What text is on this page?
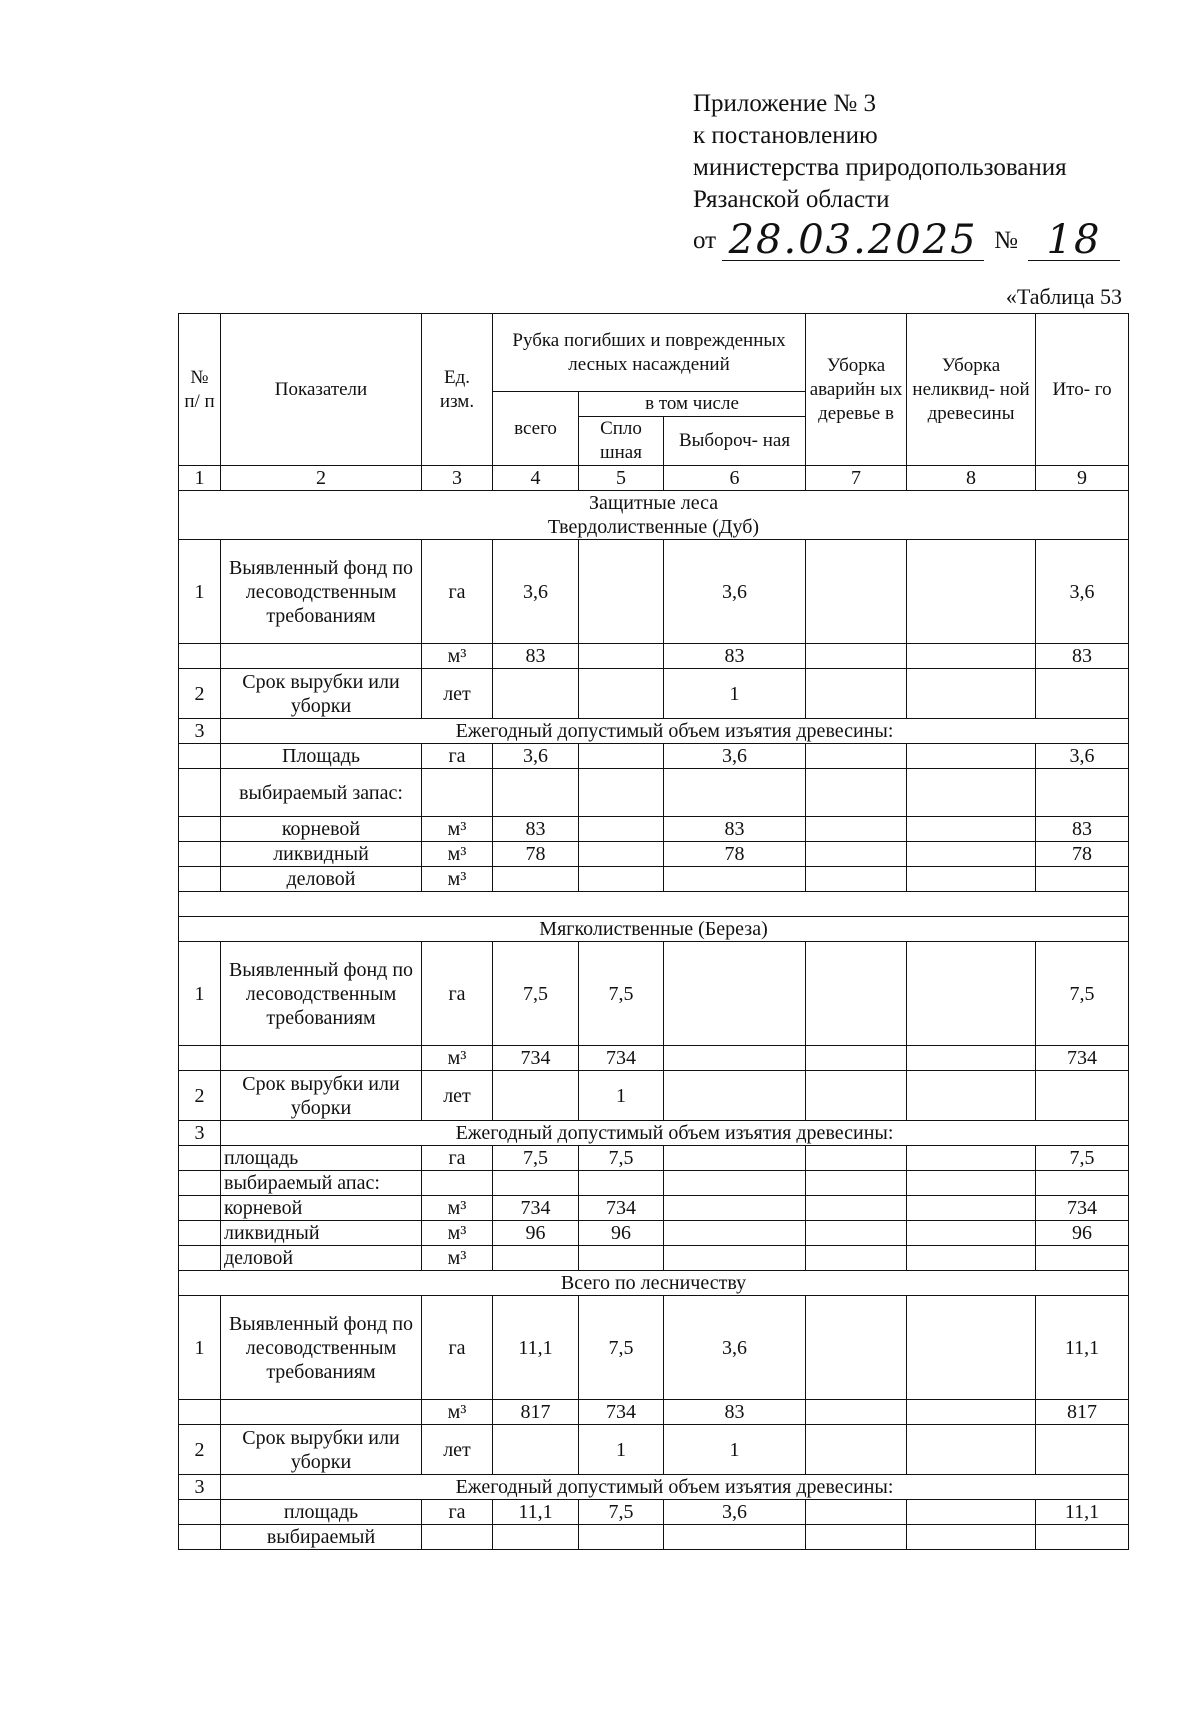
Приложение № 3
к постановлению
министерства природопользования
Рязанской области
от 28.03.2025 № 18
«Таблица 53
№ п/ п	Показатели	Ед. изм.	Рубка погибших и поврежденных лесных насаждений			Уборка аварийн ых деревье в	Уборка неликвид- ной древесины	Ито- го
			всего	в том числе				
				Спло шная	Выбороч- ная			
1	2	3	4	5	6	7	8	9

Защитные леса
Твердолиственные (Дуб)								

1	Выявленный фонд по лесоводственным требованиям	га	3,6		3,6			3,6
		м³	83		83			83
2	Срок вырубки или уборки	лет			1			
3	Ежегодный допустимый объем изъятия древесины:							
	Площадь	га	3,6		3,6			3,6
	выбираемый запас:							
	корневой	м³	83		83			83
	ликвидный	м³	78		78			78
	деловой	м³						

Мягколиственные (Береза)								
1	Выявленный фонд по лесоводственным требованиям	га	7,5	7,5				7,5
		м³	734	734				734
2	Срок вырубки или уборки	лет		1				
3	Ежегодный допустимый объем изъятия древесины:							
	площадь	га	7,5	7,5				7,5
	выбираемый апас:							
	корневой	м³	734	734				734
	ликвидный	м³	96	96				96
	деловой	м³						
Всего по лесничеству								
1	Выявленный фонд по лесоводственным требованиям	га	11,1	7,5	3,6			11,1
		м³	817	734	83			817
2	Срок вырубки или уборки	лет		1	1			
3	Ежегодный допустимый объем изъятия древесины:							
	площадь	га	11,1	7,5	3,6			11,1
	выбираемый							
